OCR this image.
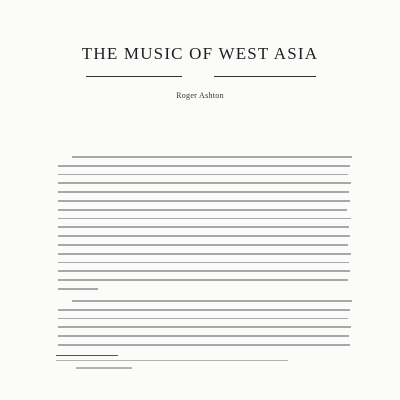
THE MUSIC OF WEST ASIA
Roger Ashton
